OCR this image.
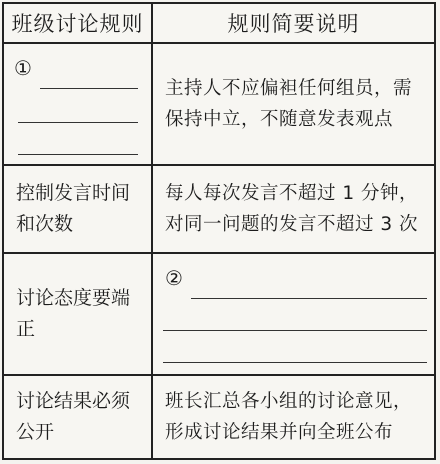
班级讨论规则	规则简要说明
①
主持人不应偏袒任何组员，需保持中立，不随意发表观点
控制发言时间和次数
每人每次发言不超过 1 分钟，对同一问题的发言不超过 3 次
讨论态度要端正
②
讨论结果必须公开
班长汇总各小组的讨论意见，形成讨论结果并向全班公布
